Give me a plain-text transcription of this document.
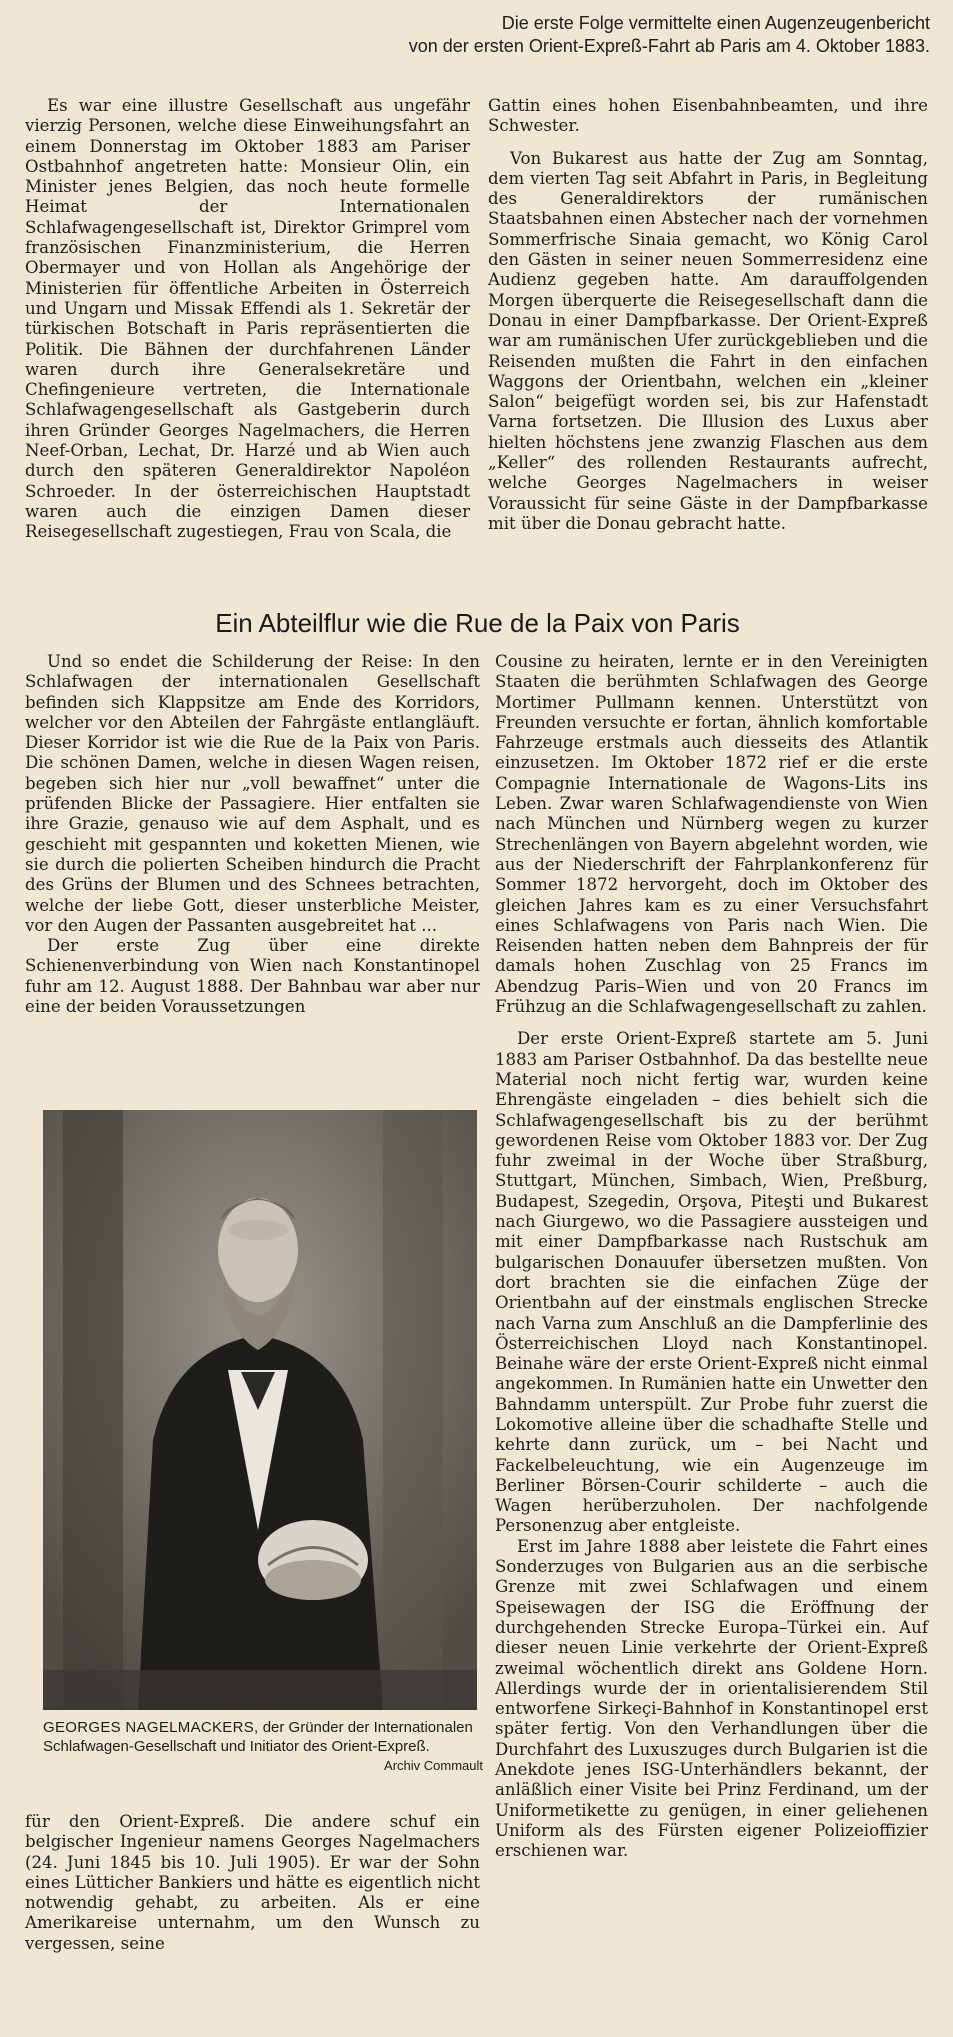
Die erste Folge vermittelte einen Augenzeugenbericht
von der ersten Orient-Expreß-Fahrt ab Paris am 4. Oktober 1883.

Es war eine illustre Gesellschaft aus ungefähr vierzig Personen, welche diese Einweihungsfahrt an einem Donnerstag im Oktober 1883 am Pariser Ostbahnhof angetreten hatte: Monsieur Olin, ein Minister jenes Belgien, das noch heute formelle Heimat der Internationalen Schlafwagengesellschaft ist, Direktor Grimprel vom französischen Finanzministerium, die Herren Obermayer und von Hollan als Angehörige der Ministerien für öffentliche Arbeiten in Österreich und Ungarn und Missak Effendi als 1. Sekretär der türkischen Botschaft in Paris repräsentierten die Politik. Die Bähnen der durchfahrenen Länder waren durch ihre Generalsekretäre und Chefingenieure vertreten, die Internationale Schlafwagengesellschaft als Gastgeberin durch ihren Gründer Georges Nagelmachers, die Herren Neef-Orban, Lechat, Dr. Harzé und ab Wien auch durch den späteren Generaldirektor Napoléon Schroeder. In der österreichischen Hauptstadt waren auch die einzigen Damen dieser Reisegesellschaft zugestiegen, Frau von Scala, die

Gattin eines hohen Eisenbahnbeamten, und ihre Schwester.

Von Bukarest aus hatte der Zug am Sonntag, dem vierten Tag seit Abfahrt in Paris, in Begleitung des Generaldirektors der rumänischen Staatsbahnen einen Abstecher nach der vornehmen Sommerfrische Sinaia gemacht, wo König Carol den Gästen in seiner neuen Sommerresidenz eine Audienz gegeben hatte. Am darauffolgenden Morgen überquerte die Reisegesellschaft dann die Donau in einer Dampfbarkasse. Der Orient-Expreß war am rumänischen Ufer zurückgeblieben und die Reisenden mußten die Fahrt in den einfachen Waggons der Orientbahn, welchen ein „kleiner Salon“ beigefügt worden sei, bis zur Hafenstadt Varna fortsetzen. Die Illusion des Luxus aber hielten höchstens jene zwanzig Flaschen aus dem „Keller“ des rollenden Restaurants aufrecht, welche Georges Nagelmachers in weiser Voraussicht für seine Gäste in der Dampfbarkasse mit über die Donau gebracht hatte.

Ein Abteilflur wie die Rue de la Paix von Paris

Und so endet die Schilderung der Reise: In den Schlafwagen der internationalen Gesellschaft befinden sich Klappsitze am Ende des Korridors, welcher vor den Abteilen der Fahrgäste entlangläuft. Dieser Korridor ist wie die Rue de la Paix von Paris. Die schönen Damen, welche in diesen Wagen reisen, begeben sich hier nur „voll bewaffnet“ unter die prüfenden Blicke der Passagiere. Hier entfalten sie ihre Grazie, genauso wie auf dem Asphalt, und es geschieht mit gespannten und koketten Mienen, wie sie durch die polierten Scheiben hindurch die Pracht des Grüns der Blumen und des Schnees betrachten, welche der liebe Gott, dieser unsterbliche Meister, vor den Augen der Passanten ausgebreitet hat ...

Der erste Zug über eine direkte Schienenverbindung von Wien nach Konstantinopel fuhr am 12. August 1888. Der Bahnbau war aber nur eine der beiden Voraussetzungen

GEORGES NAGELMACKERS, der Gründer der Internationalen Schlafwagen-Gesellschaft und Initiator des Orient-Expreß.
Archiv Commault

für den Orient-Expreß. Die andere schuf ein belgischer Ingenieur namens Georges Nagelmachers (24. Juni 1845 bis 10. Juli 1905). Er war der Sohn eines Lütticher Bankiers und hätte es eigentlich nicht notwendig gehabt, zu arbeiten. Als er eine Amerikareise unternahm, um den Wunsch zu vergessen, seine

Cousine zu heiraten, lernte er in den Vereinigten Staaten die berühmten Schlafwagen des George Mortimer Pullmann kennen. Unterstützt von Freunden versuchte er fortan, ähnlich komfortable Fahrzeuge erstmals auch diesseits des Atlantik einzusetzen. Im Oktober 1872 rief er die erste Compagnie Internationale de Wagons-Lits ins Leben. Zwar waren Schlafwagendienste von Wien nach München und Nürnberg wegen zu kurzer Strechenlängen von Bayern abgelehnt worden, wie aus der Niederschrift der Fahrplankonferenz für Sommer 1872 hervorgeht, doch im Oktober des gleichen Jahres kam es zu einer Versuchsfahrt eines Schlafwagens von Paris nach Wien. Die Reisenden hatten neben dem Bahnpreis der für damals hohen Zuschlag von 25 Francs im Abendzug Paris–Wien und von 20 Francs im Frühzug an die Schlafwagengesellschaft zu zahlen.

Der erste Orient-Expreß startete am 5. Juni 1883 am Pariser Ostbahnhof. Da das bestellte neue Material noch nicht fertig war, wurden keine Ehrengäste eingeladen – dies behielt sich die Schlafwagengesellschaft bis zu der berühmt gewordenen Reise vom Oktober 1883 vor. Der Zug fuhr zweimal in der Woche über Straßburg, Stuttgart, München, Simbach, Wien, Preßburg, Budapest, Szegedin, Orşova, Piteşti und Bukarest nach Giurgewo, wo die Passagiere aussteigen und mit einer Dampfbarkasse nach Rustschuk am bulgarischen Donauufer übersetzen mußten. Von dort brachten sie die einfachen Züge der Orientbahn auf der einstmals englischen Strecke nach Varna zum Anschluß an die Dampferlinie des Österreichischen Lloyd nach Konstantinopel. Beinahe wäre der erste Orient-Expreß nicht einmal angekommen. In Rumänien hatte ein Unwetter den Bahndamm unterspült. Zur Probe fuhr zuerst die Lokomotive alleine über die schadhafte Stelle und kehrte dann zurück, um – bei Nacht und Fackelbeleuchtung, wie ein Augenzeuge im Berliner Börsen-Courir schilderte – auch die Wagen herüberzuholen. Der nachfolgende Personenzug aber entgleiste.

Erst im Jahre 1888 aber leistete die Fahrt eines Sonderzuges von Bulgarien aus an die serbische Grenze mit zwei Schlafwagen und einem Speisewagen der ISG die Eröffnung der durchgehenden Strecke Europa–Türkei ein. Auf dieser neuen Linie verkehrte der Orient-Expreß zweimal wöchentlich direkt ans Goldene Horn. Allerdings wurde der in orientalisierendem Stil entworfene Sirkeçi-Bahnhof in Konstantinopel erst später fertig. Von den Verhandlungen über die Durchfahrt des Luxuszuges durch Bulgarien ist die Anekdote jenes ISG-Unterhändlers bekannt, der anläßlich einer Visite bei Prinz Ferdinand, um der Uniformetikette zu genügen, in einer geliehenen Uniform als des Fürsten eigener Polizeioffizier erschienen war.
